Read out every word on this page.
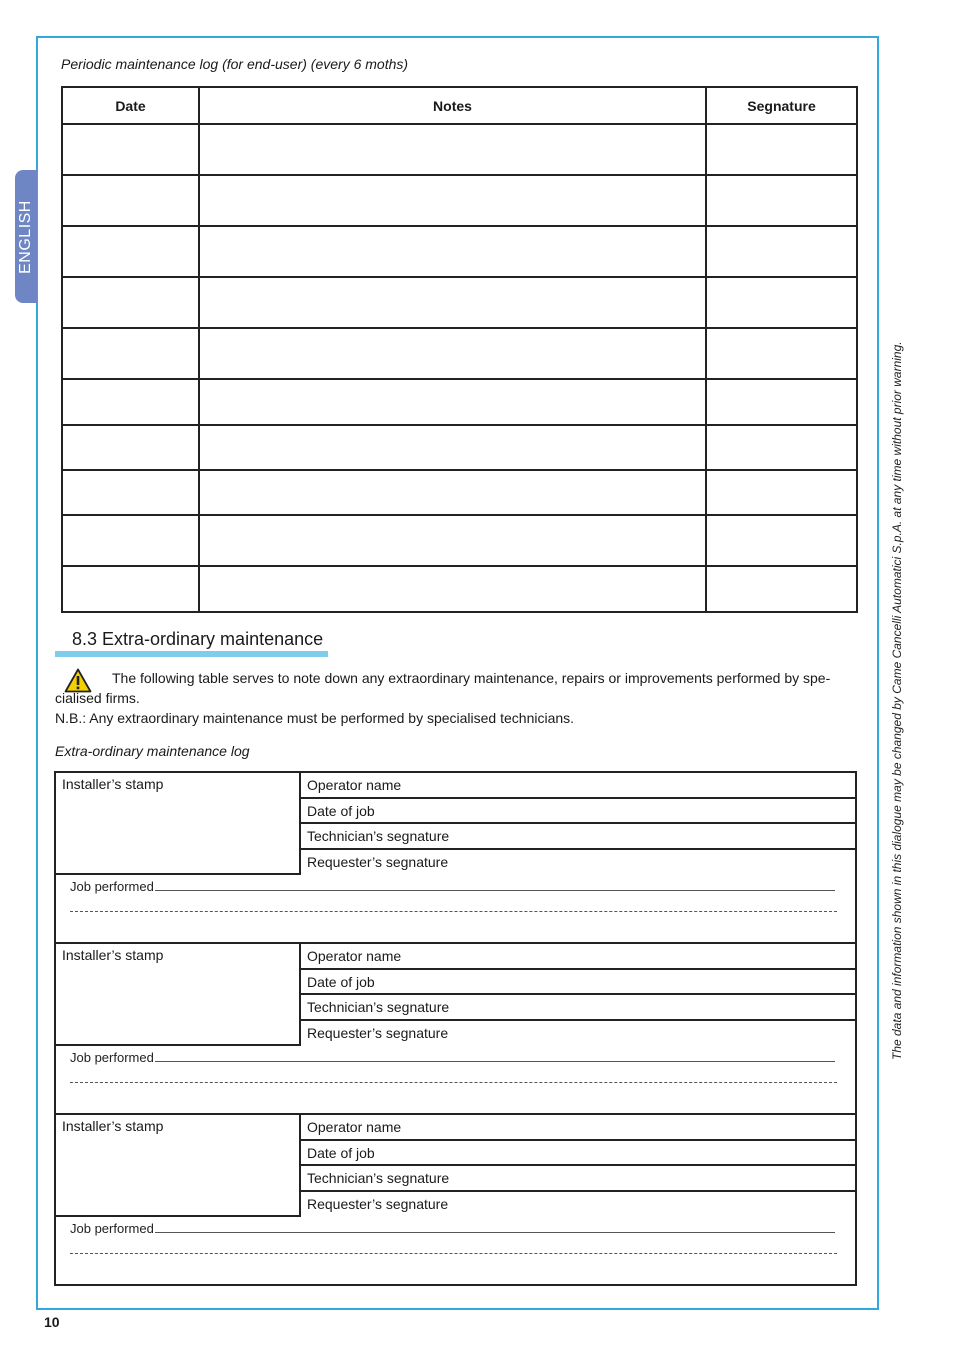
ENGLISH
The data and information shown in this dialogue may be changed by Came Cancelli Automatici S.p.A. at any time without prior warning.
Periodic maintenance log (for end-user) (every 6 moths)
Date	Notes	Segnature

8.3 Extra-ordinary maintenance
The following table serves to note down any extraordinary maintenance, repairs or improvements performed by spe-cialised firms.
N.B.: Any extraordinary maintenance must be performed by specialised technicians.
Extra-ordinary maintenance log
Installer’s stamp	Operator name
Date of job
Technician’s segnature
Requester’s segnature
Job performed
Installer’s stamp	Operator name
Date of job
Technician’s segnature
Requester’s segnature
Job performed
Installer’s stamp	Operator name
Date of job
Technician’s segnature
Requester’s segnature
Job performed
10
